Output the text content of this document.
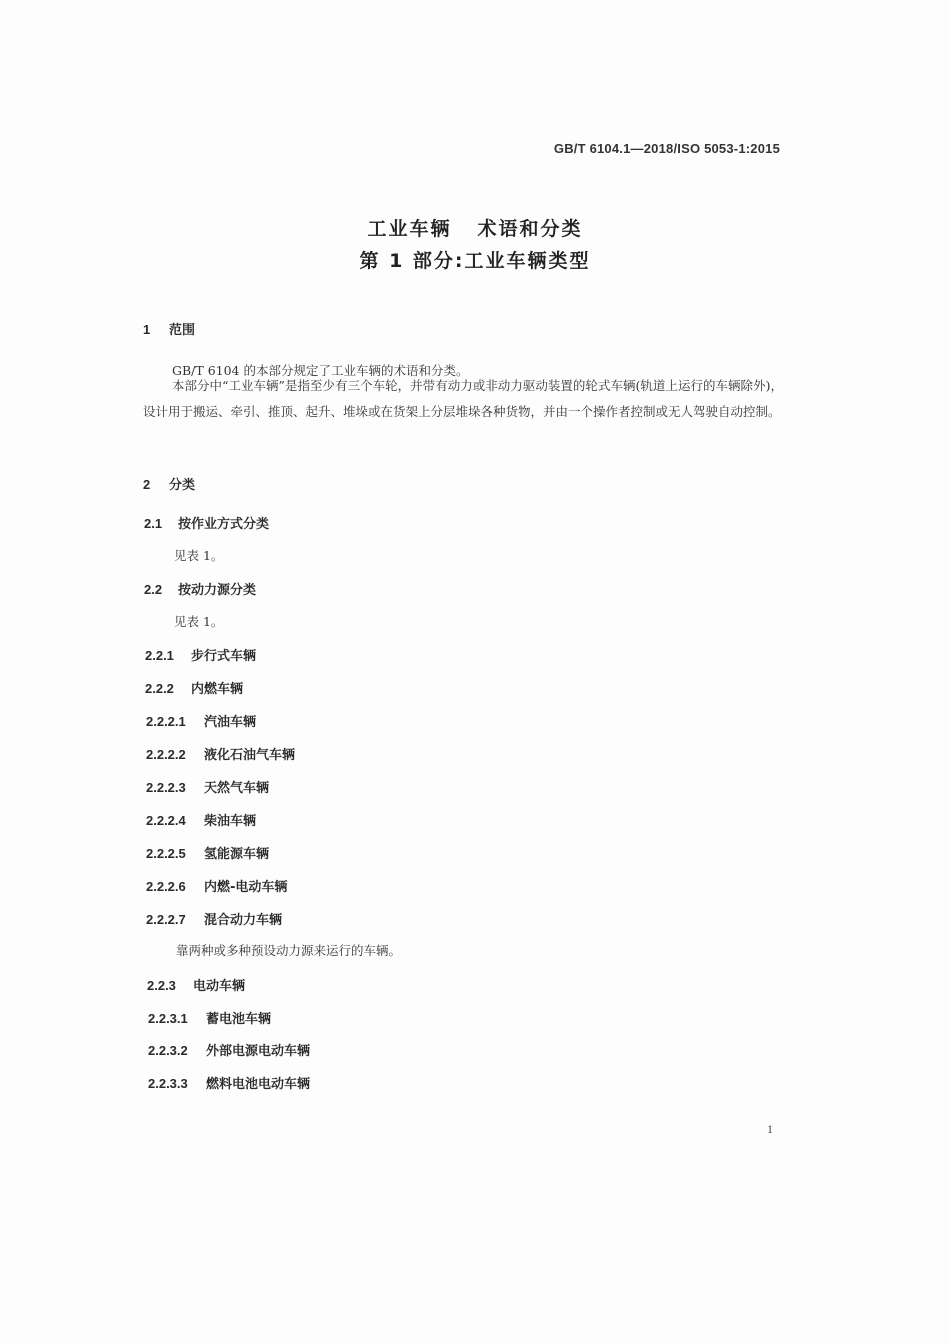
GB/T 6104.1—2018/ISO 5053-1:2015
工业车辆 术语和分类
第 1 部分:工业车辆类型
1 范围
GB/T 6104 的本部分规定了工业车辆的术语和分类。
本部分中“工业车辆”是指至少有三个车轮，并带有动力或非动力驱动装置的轮式车辆(轨道上运行的车辆除外)，设计用于搬运、牵引、推顶、起升、堆垛或在货架上分层堆垛各种货物，并由一个操作者控制或无人驾驶自动控制。
2 分类
2.1 按作业方式分类
见表 1。
2.2 按动力源分类
见表 1。
2.2.1 步行式车辆
2.2.2 内燃车辆
2.2.2.1 汽油车辆
2.2.2.2 液化石油气车辆
2.2.2.3 天然气车辆
2.2.2.4 柴油车辆
2.2.2.5 氢能源车辆
2.2.2.6 内燃-电动车辆
2.2.2.7 混合动力车辆
靠两种或多种预设动力源来运行的车辆。
2.2.3 电动车辆
2.2.3.1 蓄电池车辆
2.2.3.2 外部电源电动车辆
2.2.3.3 燃料电池电动车辆
1
